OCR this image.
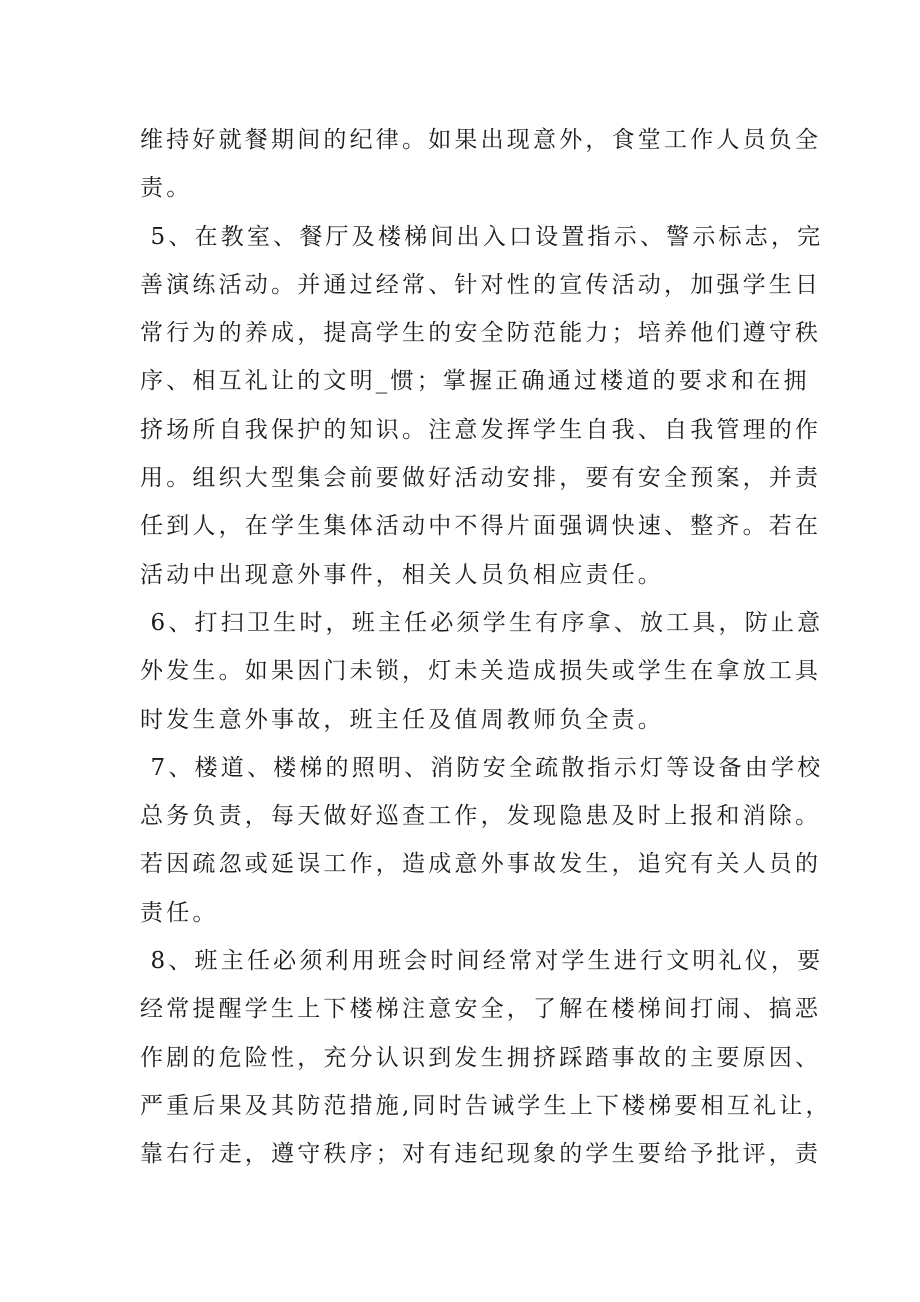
维持好就餐期间的纪律。如果出现意外，食堂工作人员负全
责。
5、在教室、餐厅及楼梯间出入口设置指示、警示标志，完
善演练活动。并通过经常、针对性的宣传活动，加强学生日
常行为的养成，提高学生的安全防范能力；培养他们遵守秩
序、相互礼让的文明_惯；掌握正确通过楼道的要求和在拥
挤场所自我保护的知识。注意发挥学生自我、自我管理的作
用。组织大型集会前要做好活动安排，要有安全预案，并责
任到人，在学生集体活动中不得片面强调快速、整齐。若在
活动中出现意外事件，相关人员负相应责任。
6、打扫卫生时，班主任必须学生有序拿、放工具，防止意
外发生。如果因门未锁，灯未关造成损失或学生在拿放工具
时发生意外事故，班主任及值周教师负全责。
7、楼道、楼梯的照明、消防安全疏散指示灯等设备由学校
总务负责，每天做好巡查工作，发现隐患及时上报和消除。
若因疏忽或延误工作，造成意外事故发生，追究有关人员的
责任。
8、班主任必须利用班会时间经常对学生进行文明礼仪，要
经常提醒学生上下楼梯注意安全，了解在楼梯间打闹、搞恶
作剧的危险性，充分认识到发生拥挤踩踏事故的主要原因、
严重后果及其防范措施,同时告诫学生上下楼梯要相互礼让，
靠右行走，遵守秩序；对有违纪现象的学生要给予批评，责
